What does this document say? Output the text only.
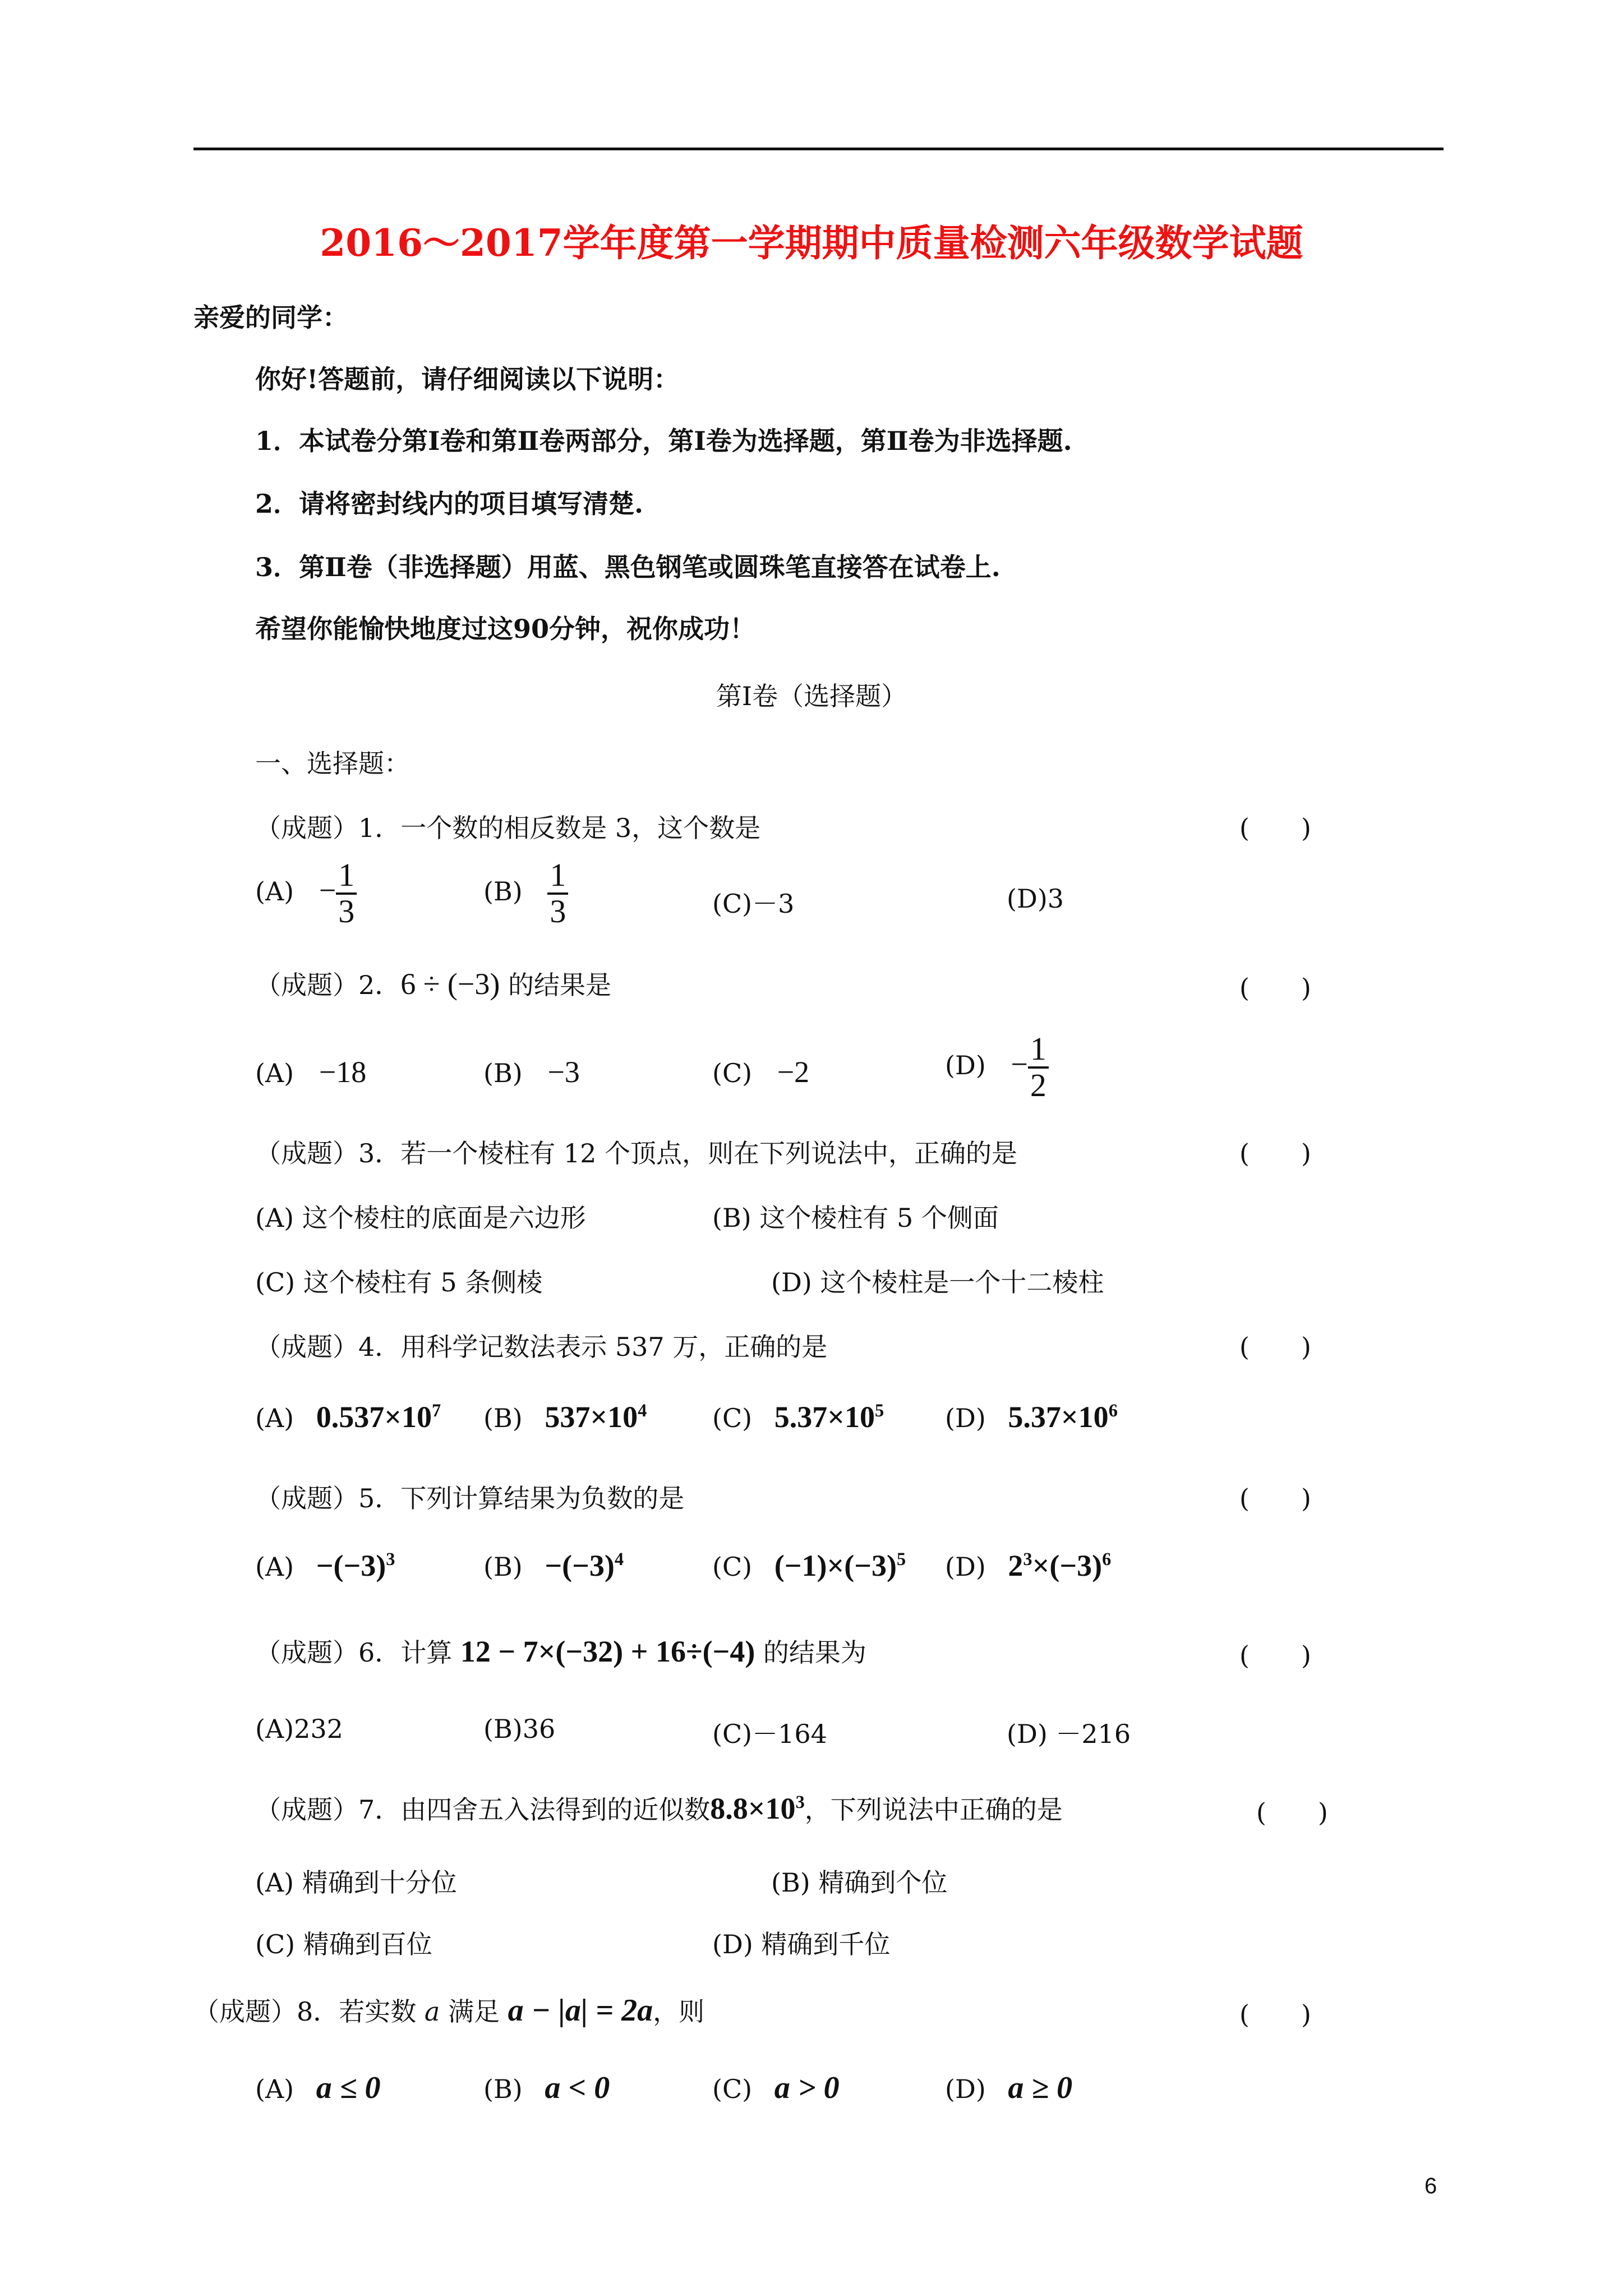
2016～2017学年度第一学期期中质量检测六年级数学试题
亲爱的同学：
你好!答题前，请仔细阅读以下说明：
1．本试卷分第Ⅰ卷和第Ⅱ卷两部分，第Ⅰ卷为选择题，第Ⅱ卷为非选择题.
2．请将密封线内的项目填写清楚.
3．第Ⅱ卷（非选择题）用蓝、黑色钢笔或圆珠笔直接答在试卷上.
希望你能愉快地度过这90分钟，祝你成功！
第Ⅰ卷（选择题）
一、选择题：
（成题）1．一个数的相反数是 3，这个数是	(　　)
$(A) - \frac{1}{3}$	$(B) \frac{1}{3}$	(C)－3	(D)3
（成题）2．6 ÷ (−3) 的结果是	(　　)
(A) −18	(B) −3	(C) −2	$(D) - \frac{1}{2}$
（成题）3．若一个棱柱有 12 个顶点，则在下列说法中，正确的是	(　　)
(A) 这个棱柱的底面是六边形	(B) 这个棱柱有 5 个侧面
(C) 这个棱柱有 5 条侧棱	(D) 这个棱柱是一个十二棱柱
（成题）4．用科学记数法表示 537 万，正确的是	(　　)
(A) $0.537\times 10^7$ (B) $537\times 10^4$	(C) $5.37\times 10^5$ (D) $5.37\times 10^6$
（成题）5．下列计算结果为负数的是	(　　)
$(A) -(-3)^3$	$(B) -(-3)^4$	(C) $(-1)\times(-3)^5$ (D) $2^3\times(-3)^6$
（成题）6．计算 12 − 7×(−32) + 16÷(−4) 的结果为	(　　)
(A)232	(B)36	(C)－164	(D) －216
（成题）7．由四舍五入法得到的近似数$8.8\times 10^3$，下列说法中正确的是	(　　)
(A) 精确到十分位	(B) 精确到个位
(C) 精确到百位	(D) 精确到千位
（成题）8．若实数 a 满足 a − |a| = 2a，则	(　　)
(A) a ≤ 0	(B) a < 0	(C) a > 0	(D) a ≥ 0
6
